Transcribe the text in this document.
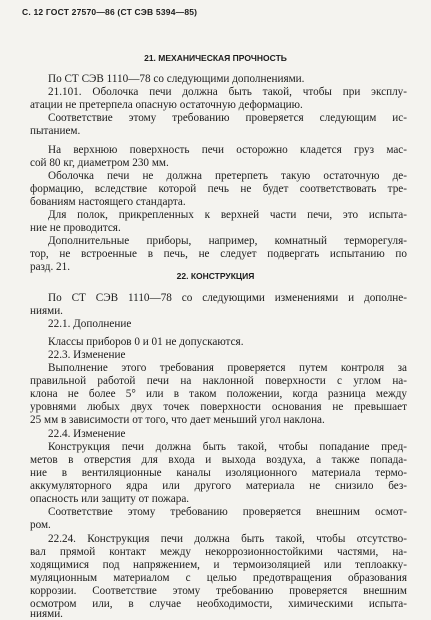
С. 12 ГОСТ 27570—86 (СТ СЭВ 5394—85)
21. МЕХАНИЧЕСКАЯ ПРОЧНОСТЬ
По СТ СЭВ 1110—78 со следующими дополнениями.
21.101. Оболочка печи должна быть такой, чтобы при эксплу-
атации не претерпела опасную остаточную деформацию.
Соответствие этому требованию проверяется следующим ис-
пытанием.
На верхнюю поверхность печи осторожно кладется груз мас-
сой 80 кг, диаметром 230 мм.
Оболочка печи не должна претерпеть такую остаточную де-
формацию, вследствие которой печь не будет соответствовать тре-
бованиям настоящего стандарта.
Для полок, прикрепленных к верхней части печи, это испыта-
ние не проводится.
Дополнительные приборы, например, комнатный терморегуля-
тор, не встроенные в печь, не следует подвергать испытанию по
разд. 21.
22. КОНСТРУКЦИЯ
По СТ СЭВ 1110—78 со следующими изменениями и дополне-
ниями.
22.1. Дополнение
Классы приборов 0 и 01 не допускаются.
22.3. Изменение
Выполнение этого требования проверяется путем контроля за
правильной работой печи на наклонной поверхности с углом на-
клона не более 5° или в таком положении, когда разница между
уровнями любых двух точек поверхности основания не превышает
25 мм в зависимости от того, что дает меньший угол наклона.
22.4. Изменение
Конструкция печи должна быть такой, чтобы попадание пред-
метов в отверстия для входа и выхода воздуха, а также попада-
ние в вентиляционные каналы изоляционного материала термо-
аккумуляторного ядра или другого материала не снизило без-
опасность или защиту от пожара.
Соответствие этому требованию проверяется внешним осмот-
ром.
22.24. Конструкция печи должна быть такой, чтобы отсутство-
вал прямой контакт между некоррозионностойкими частями, на-
ходящимися под напряжением, и термоизоляцией или теплоакку-
муляционным материалом с целью предотвращения образования
коррозии. Соответствие этому требованию проверяется внешним
осмотром или, в случае необходимости, химическими испыта-
ниями.
